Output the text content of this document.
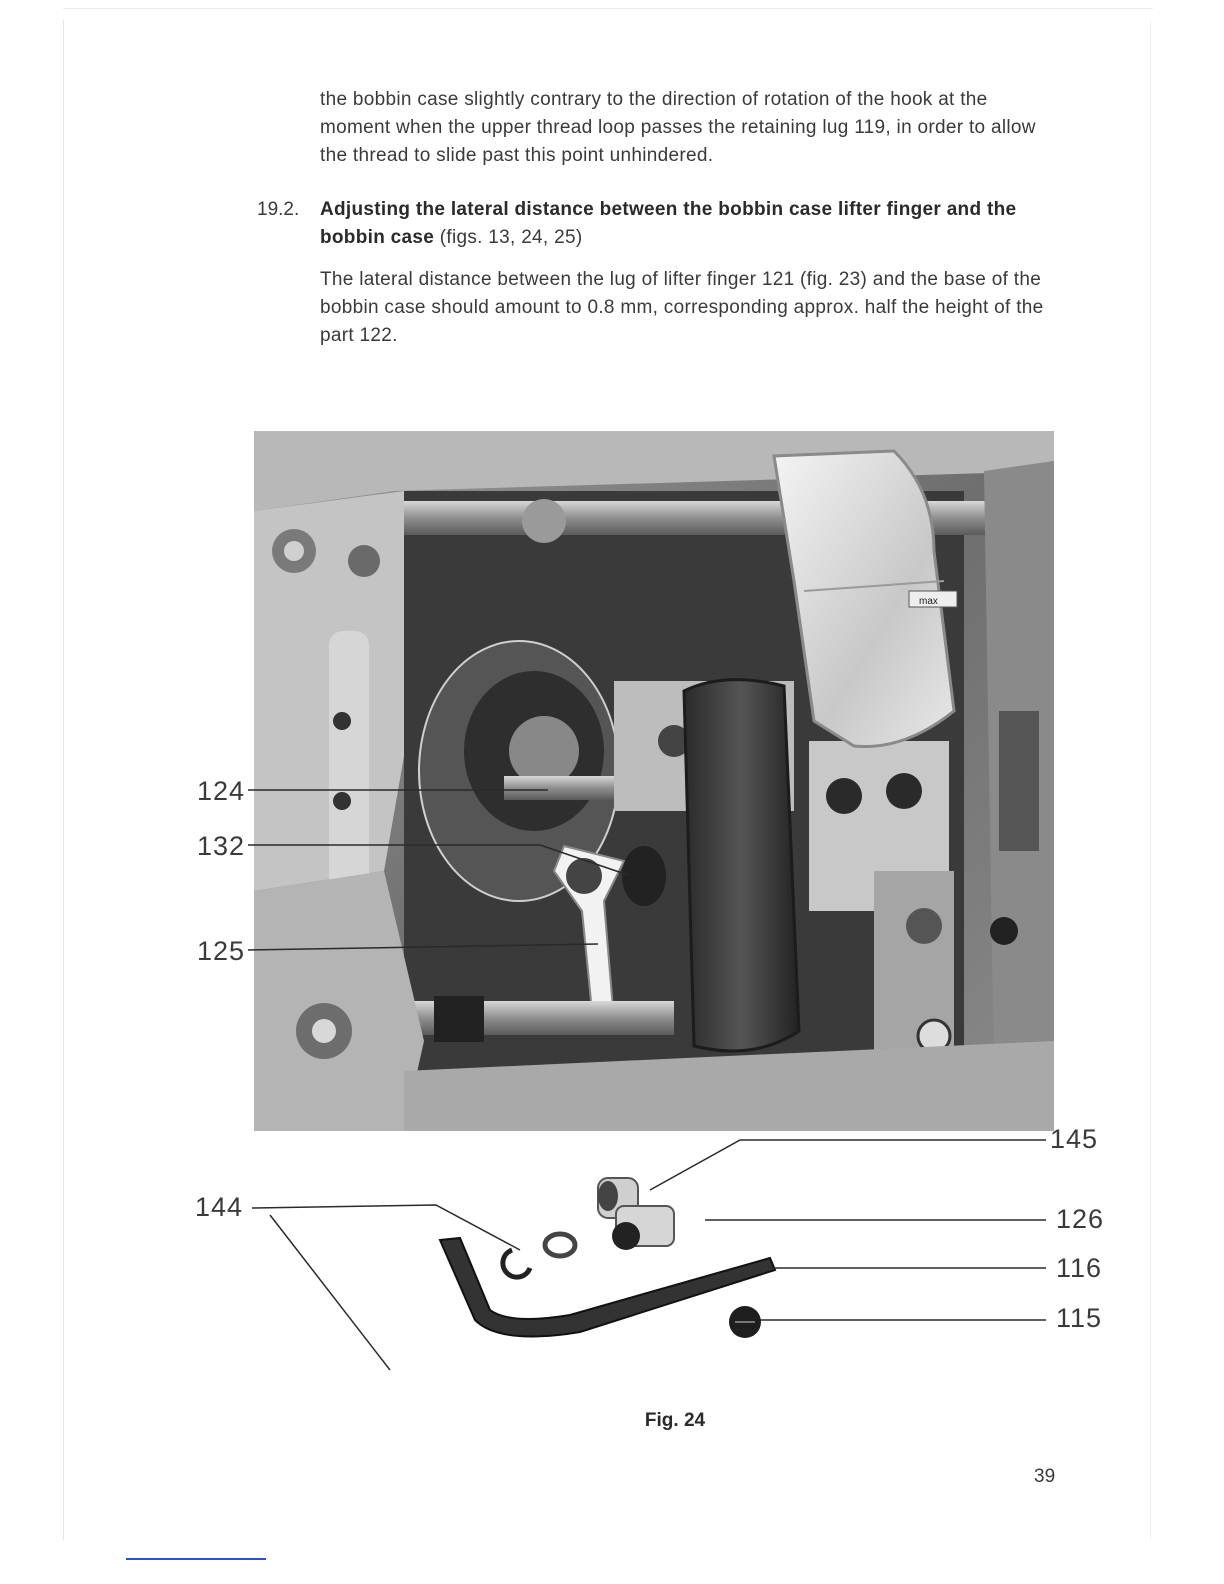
the bobbin case slightly contrary to the direction of rotation of the hook at the moment when the upper thread loop passes the retaining lug 119, in order to allow the thread to slide past this point unhindered.

19.2. Adjusting the lateral distance between the bobbin case lifter finger and the bobbin case (figs. 13, 24, 25)

The lateral distance between the lug of lifter finger 121 (fig. 23) and the base of the bobbin case should amount to 0.8 mm, corresponding approx. half the height of the part 122.

max
124
132
125
144
145
126
116
115
Fig. 24
39
